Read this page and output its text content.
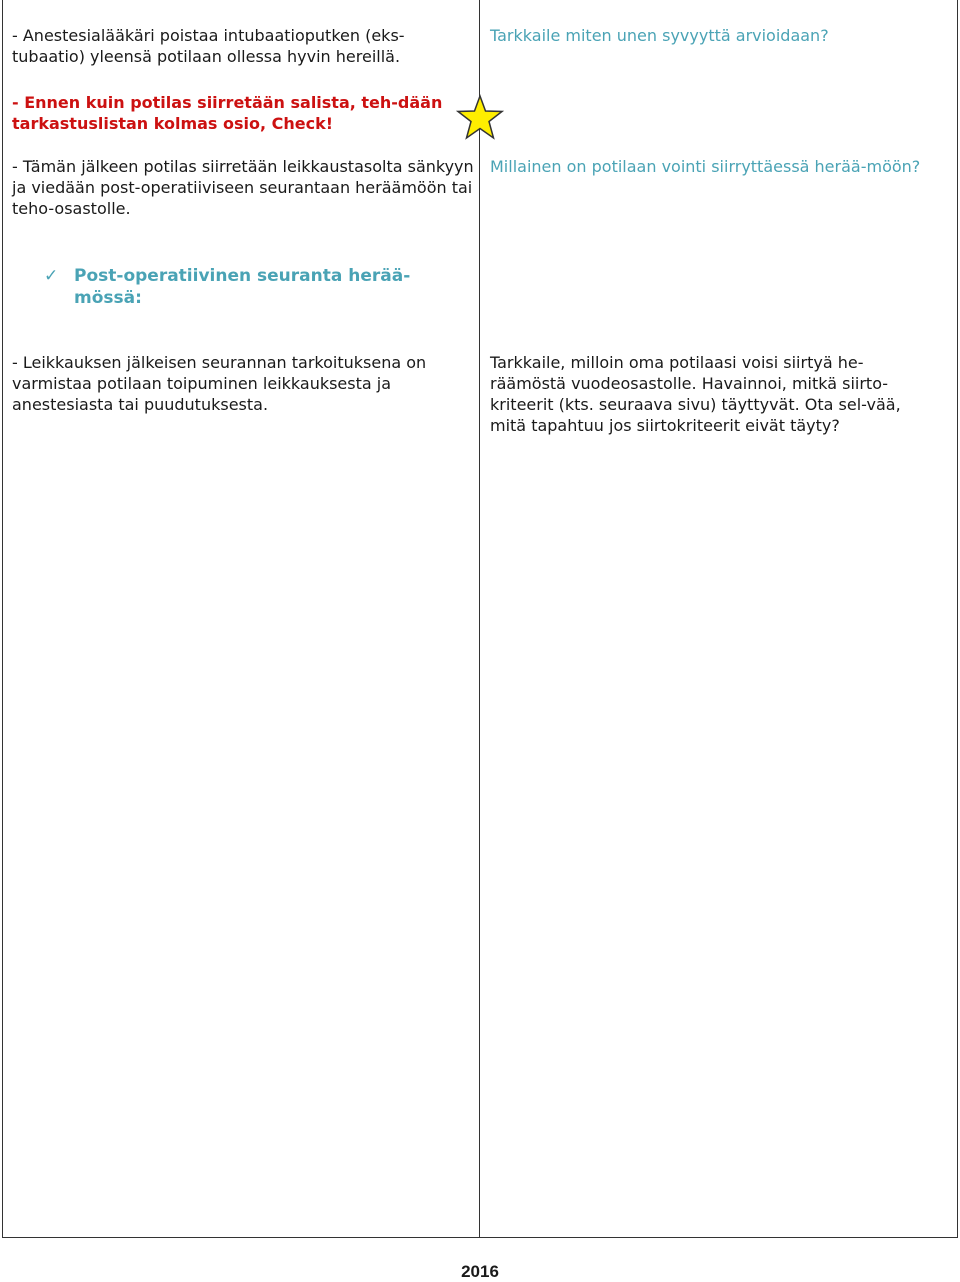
- Anestesialääkäri poistaa intubaatioputken (eks-tubaatio) yleensä potilaan ollessa hyvin hereillä.

- Ennen kuin potilas siirretään salista, teh-dään tarkastuslistan kolmas osio, Check!

- Tämän jälkeen potilas siirretään leikkaustasolta sänkyyn ja viedään post-operatiiviseen seurantaan heräämöön tai teho-osastolle.

✓ Post-operatiivinen seuranta herää-mössä:

- Leikkauksen jälkeisen seurannan tarkoituksena on varmistaa potilaan toipuminen leikkauksesta ja anestesiasta tai puudutuksesta.

Tarkkaile miten unen syvyyttä arvioidaan?

Millainen on potilaan vointi siirryttäessä herää-möön?

Tarkkaile, milloin oma potilaasi voisi siirtyä he-räämöstä vuodeosastolle. Havainnoi, mitkä siirto-kriteerit (kts. seuraava sivu) täyttyvät. Ota sel-vää, mitä tapahtuu jos siirtokriteerit eivät täyty?

2016
